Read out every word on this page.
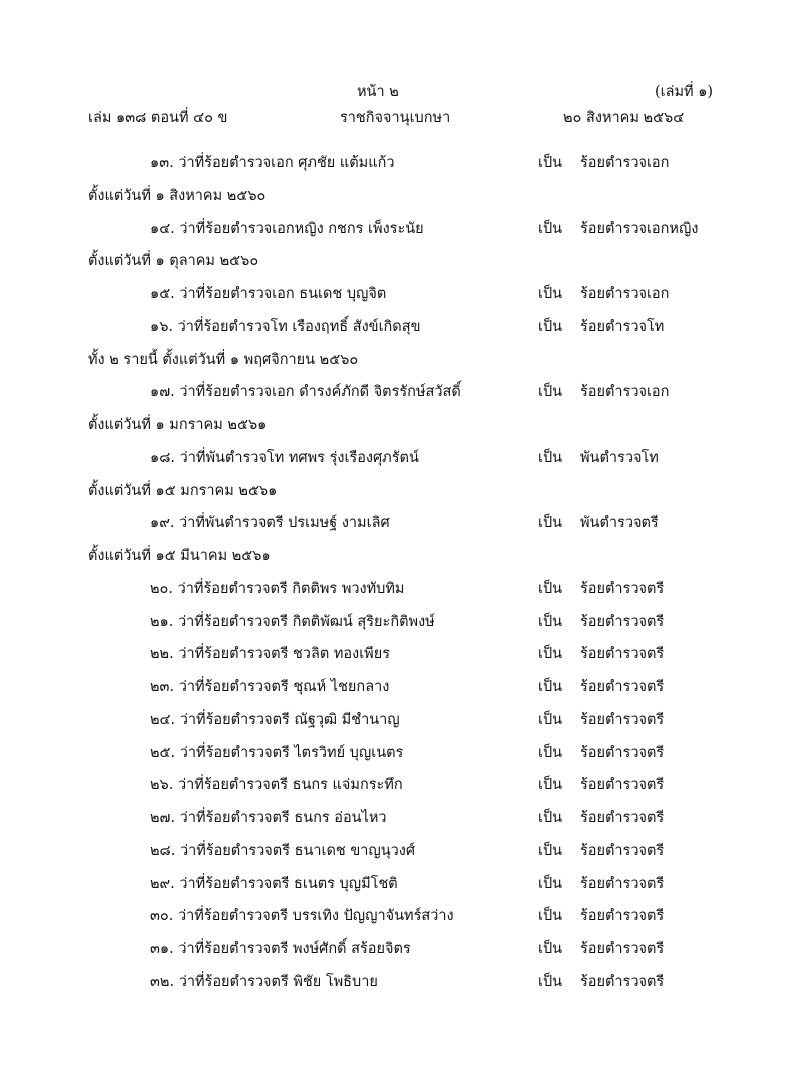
หน้า ๒	(เล่มที่ ๑)
เล่ม ๑๓๘ ตอนที่ ๔๐ ข	ราชกิจจานุเบกษา	๒๐ สิงหาคม ๒๕๖๔
๑๓. ว่าที่ร้อยตำรวจเอก ศุภชัย แต้มแก้ว	เป็น ร้อยตำรวจเอก
ตั้งแต่วันที่ ๑ สิงหาคม ๒๕๖๐
๑๔. ว่าที่ร้อยตำรวจเอกหญิง กชกร เพ็งระนัย	เป็น ร้อยตำรวจเอกหญิง
ตั้งแต่วันที่ ๑ ตุลาคม ๒๕๖๐
๑๕. ว่าที่ร้อยตำรวจเอก ธนเดช บุญจิต	เป็น ร้อยตำรวจเอก
๑๖. ว่าที่ร้อยตำรวจโท เรืองฤทธิ์ สังข์เกิดสุข	เป็น ร้อยตำรวจโท
ทั้ง ๒ รายนี้ ตั้งแต่วันที่ ๑ พฤศจิกายน ๒๕๖๐
๑๗. ว่าที่ร้อยตำรวจเอก ดำรงค์ภักดี จิตรรักษ์สวัสดิ์	เป็น ร้อยตำรวจเอก
ตั้งแต่วันที่ ๑ มกราคม ๒๕๖๑
๑๘. ว่าที่พันตำรวจโท ทศพร รุ่งเรืองศุภรัตน์	เป็น พันตำรวจโท
ตั้งแต่วันที่ ๑๕ มกราคม ๒๕๖๑
๑๙. ว่าที่พันตำรวจตรี ปรเมษฐ์ งามเลิศ	เป็น พันตำรวจตรี
ตั้งแต่วันที่ ๑๕ มีนาคม ๒๕๖๑
๒๐. ว่าที่ร้อยตำรวจตรี กิตติพร พวงทับทิม	เป็น ร้อยตำรวจตรี
๒๑. ว่าที่ร้อยตำรวจตรี กิตติพัฒน์ สุริยะกิติพงษ์	เป็น ร้อยตำรวจตรี
๒๒. ว่าที่ร้อยตำรวจตรี ชวลิต ทองเพียร	เป็น ร้อยตำรวจตรี
๒๓. ว่าที่ร้อยตำรวจตรี ชุณห์ ไชยกลาง	เป็น ร้อยตำรวจตรี
๒๔. ว่าที่ร้อยตำรวจตรี ณัฐวุฒิ มีชำนาญ	เป็น ร้อยตำรวจตรี
๒๕. ว่าที่ร้อยตำรวจตรี ไตรวิทย์ บุญเนตร	เป็น ร้อยตำรวจตรี
๒๖. ว่าที่ร้อยตำรวจตรี ธนกร แจ่มกระทึก	เป็น ร้อยตำรวจตรี
๒๗. ว่าที่ร้อยตำรวจตรี ธนกร อ่อนไหว	เป็น ร้อยตำรวจตรี
๒๘. ว่าที่ร้อยตำรวจตรี ธนาเดช ขาญนุวงศ์	เป็น ร้อยตำรวจตรี
๒๙. ว่าที่ร้อยตำรวจตรี ธเนตร บุญมีโชติ	เป็น ร้อยตำรวจตรี
๓๐. ว่าที่ร้อยตำรวจตรี บรรเทิง ปัญญาจันทร์สว่าง	เป็น ร้อยตำรวจตรี
๓๑. ว่าที่ร้อยตำรวจตรี พงษ์ศักดิ์ สร้อยจิตร	เป็น ร้อยตำรวจตรี
๓๒. ว่าที่ร้อยตำรวจตรี พิชัย โพธิบาย	เป็น ร้อยตำรวจตรี
